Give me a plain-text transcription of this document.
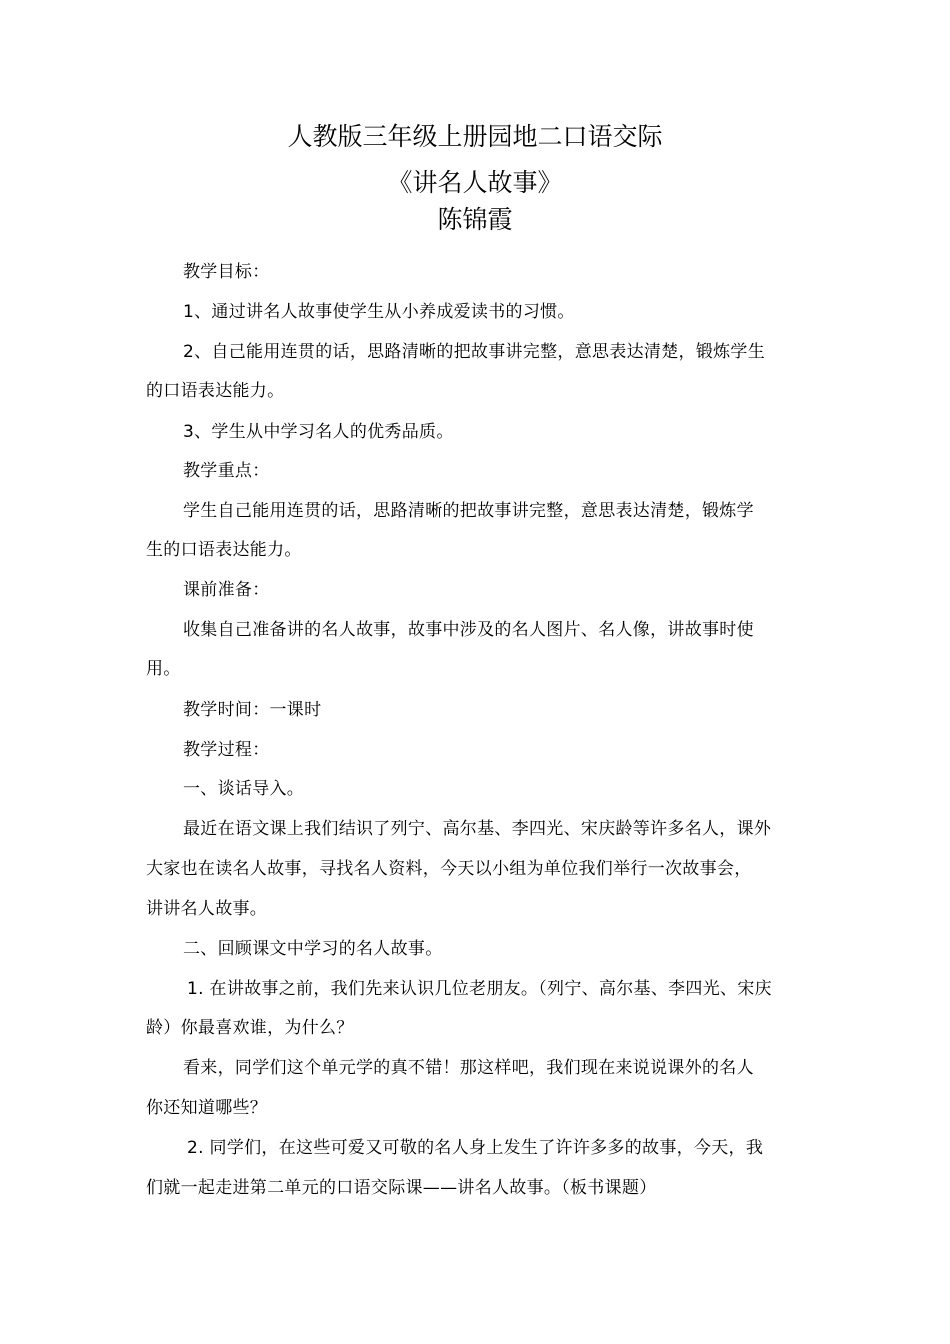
人教版三年级上册园地二口语交际
《讲名人故事》
陈锦霞
教学目标：
1、通过讲名人故事使学生从小养成爱读书的习惯。
2、自己能用连贯的话，思路清晰的把故事讲完整，意思表达清楚，锻炼学生
的口语表达能力。
3、学生从中学习名人的优秀品质。
教学重点：
学生自己能用连贯的话，思路清晰的把故事讲完整，意思表达清楚，锻炼学
生的口语表达能力。
课前准备：
收集自己准备讲的名人故事，故事中涉及的名人图片、名人像，讲故事时使
用。
教学时间：一课时
教学过程：
一、谈话导入。
最近在语文课上我们结识了列宁、高尔基、李四光、宋庆龄等许多名人，课外
大家也在读名人故事，寻找名人资料，今天以小组为单位我们举行一次故事会，
讲讲名人故事。
二、回顾课文中学习的名人故事。
1. 在讲故事之前，我们先来认识几位老朋友。（列宁、高尔基、李四光、宋庆
龄）你最喜欢谁，为什么？
看来，同学们这个单元学的真不错！那这样吧，我们现在来说说课外的名人
你还知道哪些？
2. 同学们，在这些可爱又可敬的名人身上发生了许许多多的故事，今天，我
们就一起走进第二单元的口语交际课——讲名人故事。（板书课题）
